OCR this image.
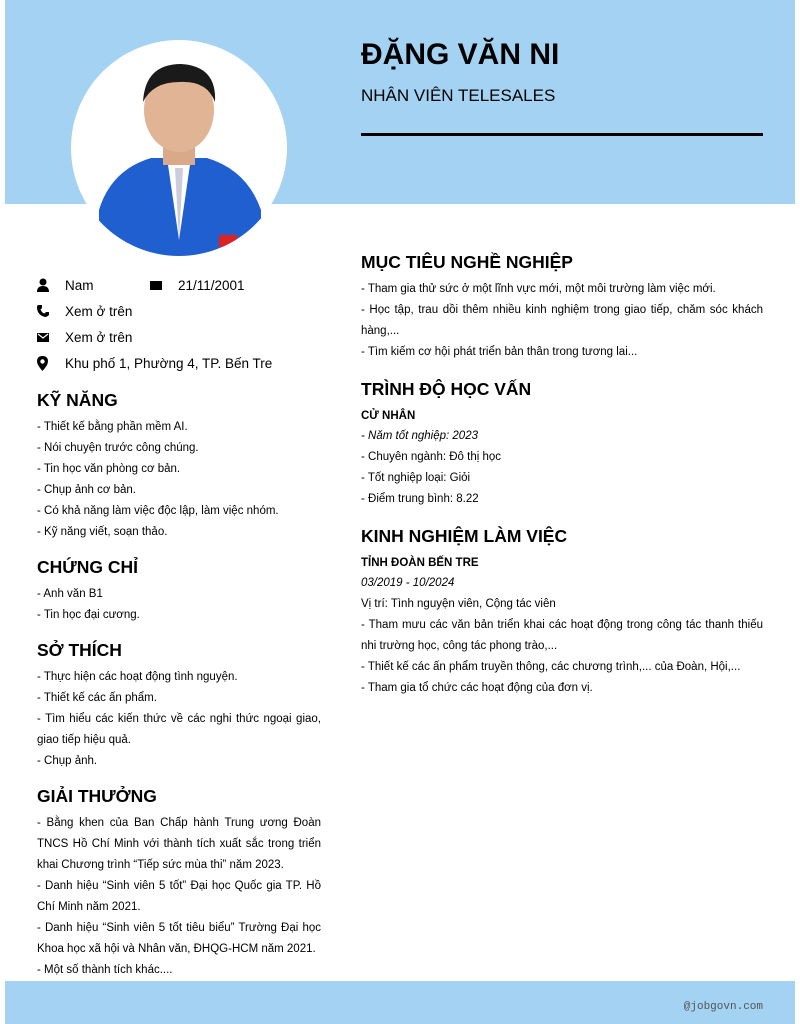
ĐẶNG VĂN NI
NHÂN VIÊN TELESALES
Nam	21/11/2001
Xem ở trên
Xem ở trên
Khu phố 1, Phường 4, TP. Bến Tre
KỸ NĂNG

- Thiết kế bằng phần mềm AI.

- Nói chuyện trước công chúng.

- Tin học văn phòng cơ bản.

- Chụp ảnh cơ bản.

- Có khả năng làm việc độc lập, làm việc nhóm.

- Kỹ năng viết, soạn thảo.

CHỨNG CHỈ

- Anh văn B1

- Tin học đại cương.

SỞ THÍCH

- Thực hiện các hoạt động tình nguyện.

- Thiết kế các ấn phẩm.

- Tìm hiểu các kiến thức về các nghi thức ngoại giao, giao tiếp hiệu quả.

- Chụp ảnh.

GIẢI THƯỞNG

- Bằng khen của Ban Chấp hành Trung ương Đoàn TNCS Hồ Chí Minh với thành tích xuất sắc trong triển khai Chương trình “Tiếp sức mùa thi” năm 2023.

- Danh hiệu “Sinh viên 5 tốt” Đại học Quốc gia TP. Hồ Chí Minh năm 2021.

- Danh hiệu “Sinh viên 5 tốt tiêu biểu” Trường Đại học Khoa học xã hội và Nhân văn, ĐHQG-HCM năm 2021.

- Một số thành tích khác....

MỤC TIÊU NGHỀ NGHIỆP

- Tham gia thử sức ở một lĩnh vực mới, một môi trường làm việc mới.

- Học tập, trau dồi thêm nhiều kinh nghiệm trong giao tiếp, chăm sóc khách hàng,...

- Tìm kiếm cơ hội phát triển bản thân trong tương lai...

TRÌNH ĐỘ HỌC VẤN
CỬ NHÂN

- Năm tốt nghiệp: 2023

- Chuyên ngành: Đô thị học

- Tốt nghiệp loại: Giỏi

- Điểm trung bình: 8.22

KINH NGHIỆM LÀM VIỆC
TỈNH ĐOÀN BẾN TRE

03/2019 - 10/2024

Vị trí: Tình nguyện viên, Cộng tác viên

- Tham mưu các văn bản triển khai các hoạt động trong công tác thanh thiếu nhi trường học, công tác phong trào,...

- Thiết kế các ấn phẩm truyền thông, các chương trình,... của Đoàn, Hội,...

- Tham gia tổ chức các hoạt động của đơn vị.

@jobgovn.com
